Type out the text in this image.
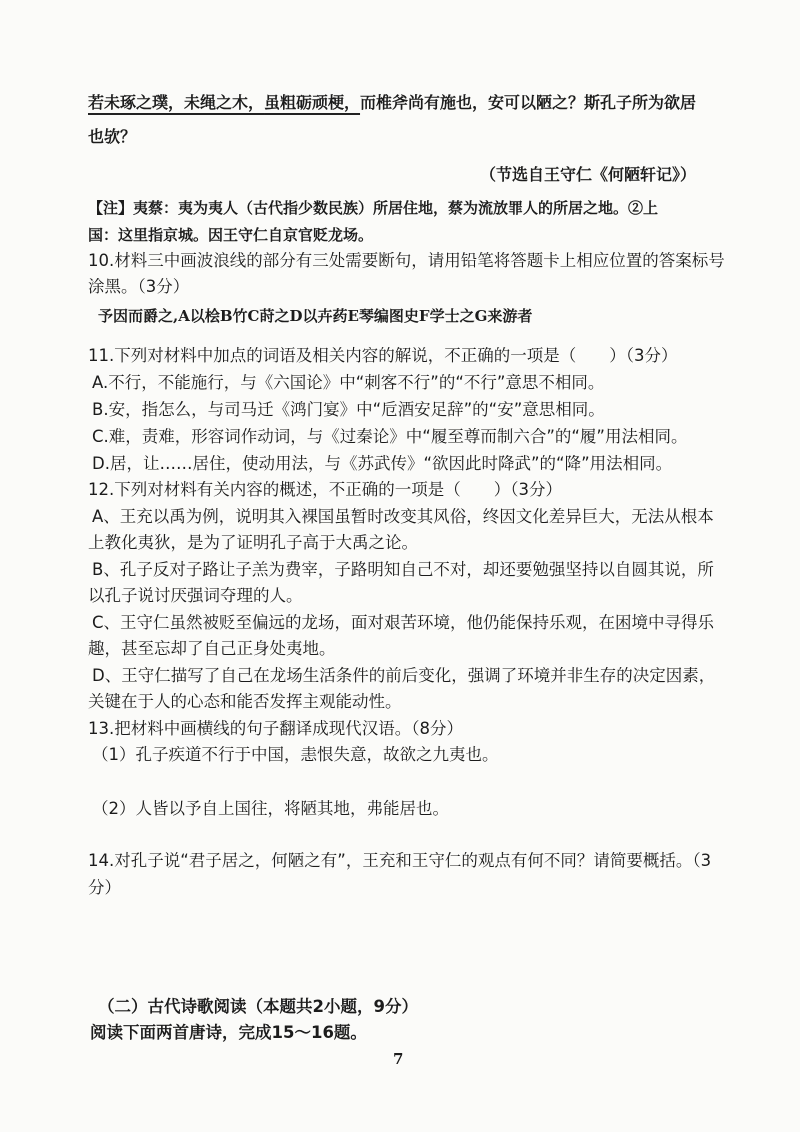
若未琢之璞，未绳之木，虽粗砺顽梗，而椎斧尚有施也，安可以陋之？斯孔子所为欲居
也欤？
（节选自王守仁《何陋轩记》）
【注】夷蔡：夷为夷人（古代指少数民族）所居住地，蔡为流放罪人的所居之地。②上
国：这里指京城。因王守仁自京官贬龙场。
10.材料三中画波浪线的部分有三处需要断句，请用铅笔将答题卡上相应位置的答案标号
涂黑。（3分）
予因而爵之,A以桧B竹C莳之D以卉药E琴编图史F学士之G来游者
11.下列对材料中加点的词语及相关内容的解说，不正确的一项是（　　）（3分）
A.不行，不能施行，与《六国论》中“刺客不行”的“不行”意思不相同。
B.安，指怎么，与司马迁《鸿门宴》中“卮酒安足辞”的“安”意思相同。
C.难，责难，形容词作动词，与《过秦论》中“履至尊而制六合”的“履”用法相同。
D.居，让……居住，使动用法，与《苏武传》“欲因此时降武”的“降”用法相同。
12.下列对材料有关内容的概述，不正确的一项是（　　）（3分）
A、王充以禹为例，说明其入裸国虽暂时改变其风俗，终因文化差异巨大，无法从根本
上教化夷狄，是为了证明孔子高于大禹之论。
B、孔子反对子路让子羔为费宰，子路明知自己不对，却还要勉强坚持以自圆其说，所
以孔子说讨厌强词夺理的人。
C、王守仁虽然被贬至偏远的龙场，面对艰苦环境，他仍能保持乐观，在困境中寻得乐
趣，甚至忘却了自己正身处夷地。
D、王守仁描写了自己在龙场生活条件的前后变化，强调了环境并非生存的决定因素，
关键在于人的心态和能否发挥主观能动性。
13.把材料中画横线的句子翻译成现代汉语。（8分）
（1）孔子疾道不行于中国，恚恨失意，故欲之九夷也。
（2）人皆以予自上国往，将陋其地，弗能居也。
14.对孔子说“君子居之，何陋之有”，王充和王守仁的观点有何不同？请简要概括。（3
分）
（二）古代诗歌阅读（本题共2小题，9分）
阅读下面两首唐诗，完成15～16题。
7
